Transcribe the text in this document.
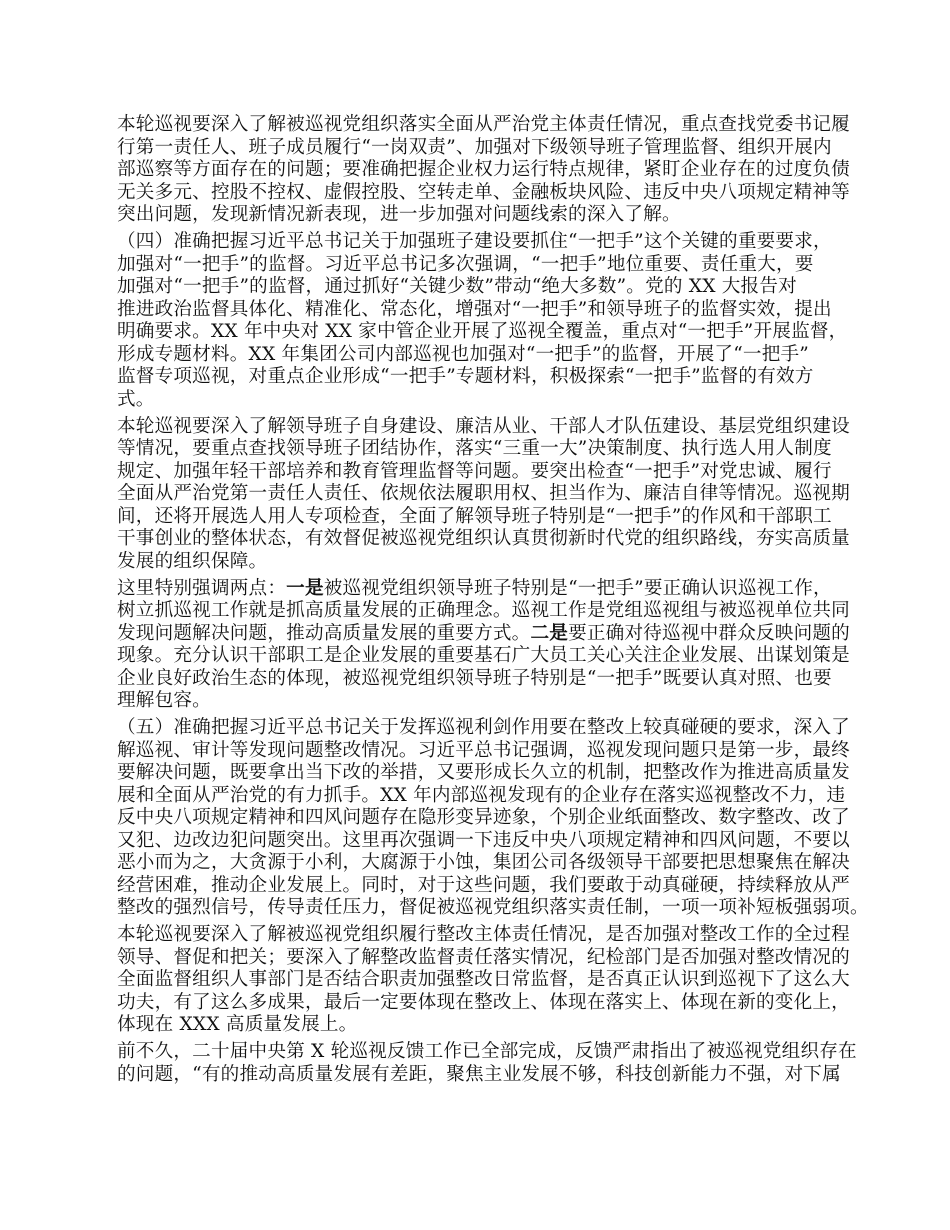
本轮巡视要深入了解被巡视党组织落实全面从严治党主体责任情况，重点查找党委书记履
行第一责任人、班子成员履行“一岗双责”、加强对下级领导班子管理监督、组织开展内
部巡察等方面存在的问题；要准确把握企业权力运行特点规律，紧盯企业存在的过度负债
无关多元、控股不控权、虚假控股、空转走单、金融板块风险、违反中央八项规定精神等
突出问题，发现新情况新表现，进一步加强对问题线索的深入了解。
（四）准确把握习近平总书记关于加强班子建设要抓住“一把手”这个关键的重要要求，
加强对“一把手”的监督。习近平总书记多次强调，“一把手”地位重要、责任重大，要
加强对“一把手”的监督，通过抓好“关键少数”带动“绝大多数”。党的 XX 大报告对
推进政治监督具体化、精准化、常态化，增强对“一把手”和领导班子的监督实效，提出
明确要求。XX 年中央对 XX 家中管企业开展了巡视全覆盖，重点对“一把手”开展监督，
形成专题材料。XX 年集团公司内部巡视也加强对“一把手”的监督，开展了“一把手”
监督专项巡视，对重点企业形成“一把手”专题材料，积极探索“一把手”监督的有效方
式。
本轮巡视要深入了解领导班子自身建设、廉洁从业、干部人才队伍建设、基层党组织建设
等情况，要重点查找领导班子团结协作，落实“三重一大”决策制度、执行选人用人制度
规定、加强年轻干部培养和教育管理监督等问题。要突出检查“一把手”对党忠诚、履行
全面从严治党第一责任人责任、依规依法履职用权、担当作为、廉洁自律等情况。巡视期
间，还将开展选人用人专项检查，全面了解领导班子特别是“一把手”的作风和干部职工
干事创业的整体状态，有效督促被巡视党组织认真贯彻新时代党的组织路线，夯实高质量
发展的组织保障。
这里特别强调两点：一是被巡视党组织领导班子特别是“一把手”要正确认识巡视工作，
树立抓巡视工作就是抓高质量发展的正确理念。巡视工作是党组巡视组与被巡视单位共同
发现问题解决问题，推动高质量发展的重要方式。二是要正确对待巡视中群众反映问题的
现象。充分认识干部职工是企业发展的重要基石广大员工关心关注企业发展、出谋划策是
企业良好政治生态的体现，被巡视党组织领导班子特别是“一把手”既要认真对照、也要
理解包容。
（五）准确把握习近平总书记关于发挥巡视利剑作用要在整改上较真碰硬的要求，深入了
解巡视、审计等发现问题整改情况。习近平总书记强调，巡视发现问题只是第一步，最终
要解决问题，既要拿出当下改的举措，又要形成长久立的机制，把整改作为推进高质量发
展和全面从严治党的有力抓手。XX 年内部巡视发现有的企业存在落实巡视整改不力，违
反中央八项规定精神和四风问题存在隐形变异迹象，个别企业纸面整改、数字整改、改了
又犯、边改边犯问题突出。这里再次强调一下违反中央八项规定精神和四风问题，不要以
恶小而为之，大贪源于小利，大腐源于小蚀，集团公司各级领导干部要把思想聚焦在解决
经营困难，推动企业发展上。同时，对于这些问题，我们要敢于动真碰硬，持续释放从严
整改的强烈信号，传导责任压力，督促被巡视党组织落实责任制，一项一项补短板强弱项。
本轮巡视要深入了解被巡视党组织履行整改主体责任情况，是否加强对整改工作的全过程
领导、督促和把关；要深入了解整改监督责任落实情况，纪检部门是否加强对整改情况的
全面监督组织人事部门是否结合职责加强整改日常监督，是否真正认识到巡视下了这么大
功夫，有了这么多成果，最后一定要体现在整改上、体现在落实上、体现在新的变化上，
体现在 XXX 高质量发展上。
前不久，二十届中央第 X 轮巡视反馈工作已全部完成，反馈严肃指出了被巡视党组织存在
的问题，“有的推动高质量发展有差距，聚焦主业发展不够，科技创新能力不强，对下属
